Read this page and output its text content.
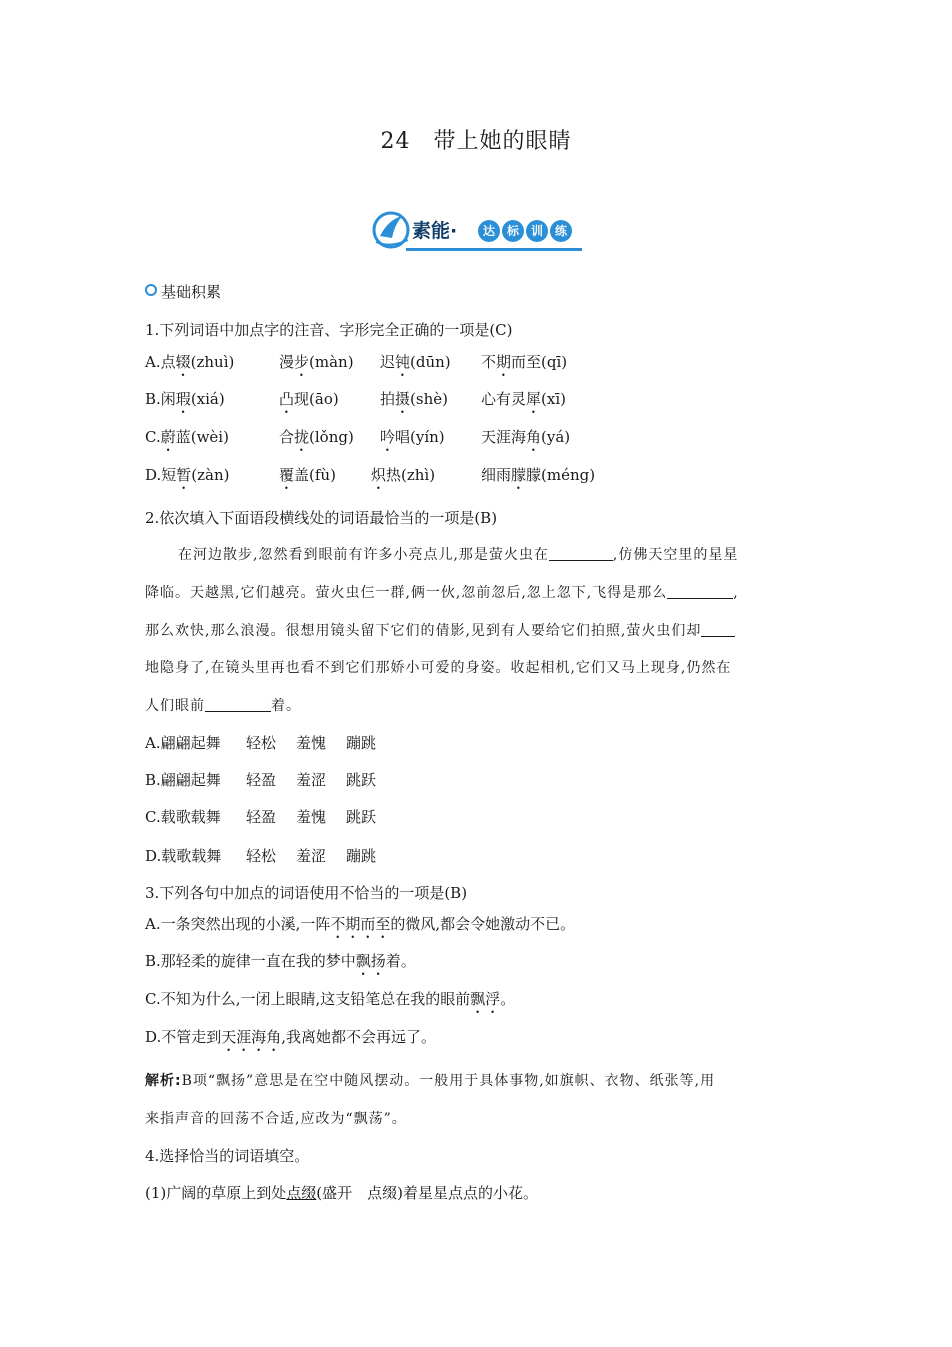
24　带上她的眼睛
素能·	达 标 训 练
基础积累
1.下列词语中加点字的注音、字形完全正确的一项是(C)
A.点辍(zhuì)	漫步(màn) 迟钝(dūn) 不期而至(qī)
B.闲瑕(xiá)	凸现(āo)	拍摄(shè) 心有灵犀(xī)
C.蔚蓝(wèi)	合拢(lǒng) 吟唱(yín) 天涯海角(yá)
D.短暂(zàn)	覆盖(fù) 炽热(zhì)	细雨朦朦(méng)
2.依次填入下面语段横线处的词语最恰当的一项是(B)
在河边散步,忽然看到眼前有许多小亮点儿,那是萤火虫在	,仿佛天空里的星星
降临。天越黑,它们越亮。萤火虫仨一群,俩一伙,忽前忽后,忽上忽下,飞得是那么	,
那么欢快,那么浪漫。很想用镜头留下它们的倩影,见到有人要给它们拍照,萤火虫们却
地隐身了,在镜头里再也看不到它们那娇小可爱的身姿。收起相机,它们又马上现身,仍然在
人们眼前	着。
A.翩翩起舞 轻松 羞愧 蹦跳
B.翩翩起舞 轻盈 羞涩 跳跃
C.载歌载舞 轻盈 羞愧 跳跃
D.载歌载舞 轻松 羞涩 蹦跳
3.下列各句中加点的词语使用不恰当的一项是(B)
A.一条突然出现的小溪,一阵不期而至的微风,都会令她激动不已。
B.那轻柔的旋律一直在我的梦中飘扬着。
C.不知为什么,一闭上眼睛,这支铅笔总在我的眼前飘浮。
D.不管走到天涯海角,我离她都不会再远了。
解析:B项“飘扬”意思是在空中随风摆动。一般用于具体事物,如旗帜、衣物、纸张等,用
来指声音的回荡不合适,应改为“飘荡”。
4.选择恰当的词语填空。
(1)广阔的草原上到处点缀(盛开　点缀)着星星点点的小花。
